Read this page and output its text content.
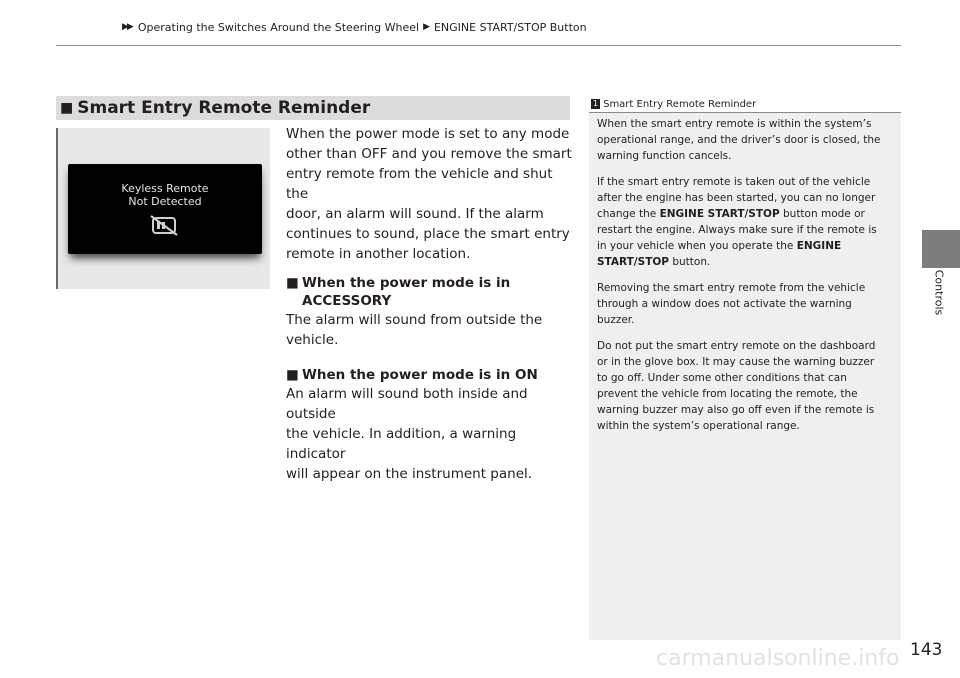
▶▶ Operating the Switches Around the Steering Wheel ▶ ENGINE START/STOP Button
Controls
■ Smart Entry Remote Reminder
Keyless Remote
Not Detected

When the power mode is set to any mode

other than OFF and you remove the smart

entry remote from the vehicle and shut the

door, an alarm will sound. If the alarm

continues to sound, place the smart entry

remote in another location.

■ When the power mode is in
ACCESSORY
The alarm will sound from outside the vehicle.
■ When the power mode is in ON

An alarm will sound both inside and outside

the vehicle. In addition, a warning indicator

will appear on the instrument panel.

1 Smart Entry Remote Reminder

When the smart entry remote is within the system’s
operational range, and the driver’s door is closed, the
warning function cancels.

If the smart entry remote is taken out of the vehicle
after the engine has been started, you can no longer
change the ENGINE START/STOP button mode or
restart the engine. Always make sure if the remote is
in your vehicle when you operate the ENGINE
START/STOP button.

Removing the smart entry remote from the vehicle
through a window does not activate the warning
buzzer.

Do not put the smart entry remote on the dashboard
or in the glove box. It may cause the warning buzzer
to go off. Under some other conditions that can
prevent the vehicle from locating the remote, the
warning buzzer may also go off even if the remote is
within the system’s operational range.

carmanualsonline.info 143
